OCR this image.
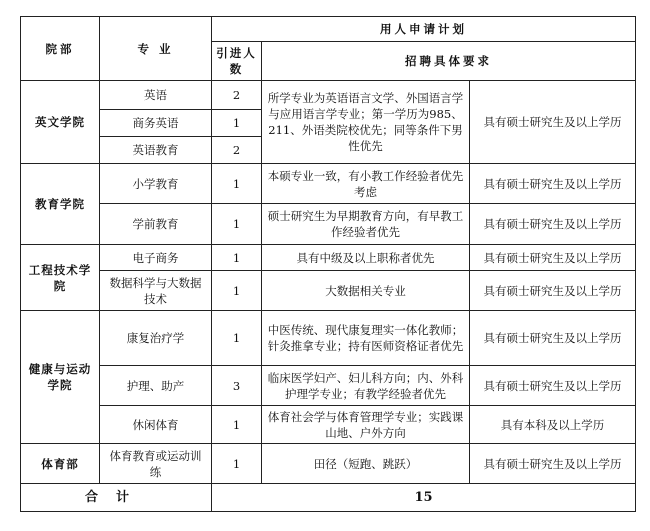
院部	专 业	用人申请计划		
		引进人数	招聘具体要求	
英文学院	英语	2	所学专业为英语语言文学、外国语言学与应用语言学专业；第一学历为985、211、外语类院校优先；同等条件下男性优先	具有硕士研究生及以上学历
	商务英语	1		
	英语教育	2		
教育学院	小学教育	1	本硕专业一致，有小教工作经验者优先考虑	具有硕士研究生及以上学历
	学前教育	1	硕士研究生为早期教育方向，有早教工作经验者优先	具有硕士研究生及以上学历
工程技术学院	电子商务	1	具有中级及以上职称者优先	具有硕士研究生及以上学历
	数据科学与大数据技术	1	大数据相关专业	具有硕士研究生及以上学历
健康与运动学院	康复治疗学	1	中医传统、现代康复理实一体化教师；针灸推拿专业；持有医师资格证者优先	具有硕士研究生及以上学历
	护理、助产	3	临床医学妇产、妇儿科方向；内、外科护理学专业；有教学经验者优先	具有硕士研究生及以上学历
	休闲体育	1	体育社会学与体育管理学专业；实践课山地、户外方向	具有本科及以上学历
体育部	体育教育或运动训练	1	田径（短跑、跳跃）	具有硕士研究生及以上学历
合计		15		
